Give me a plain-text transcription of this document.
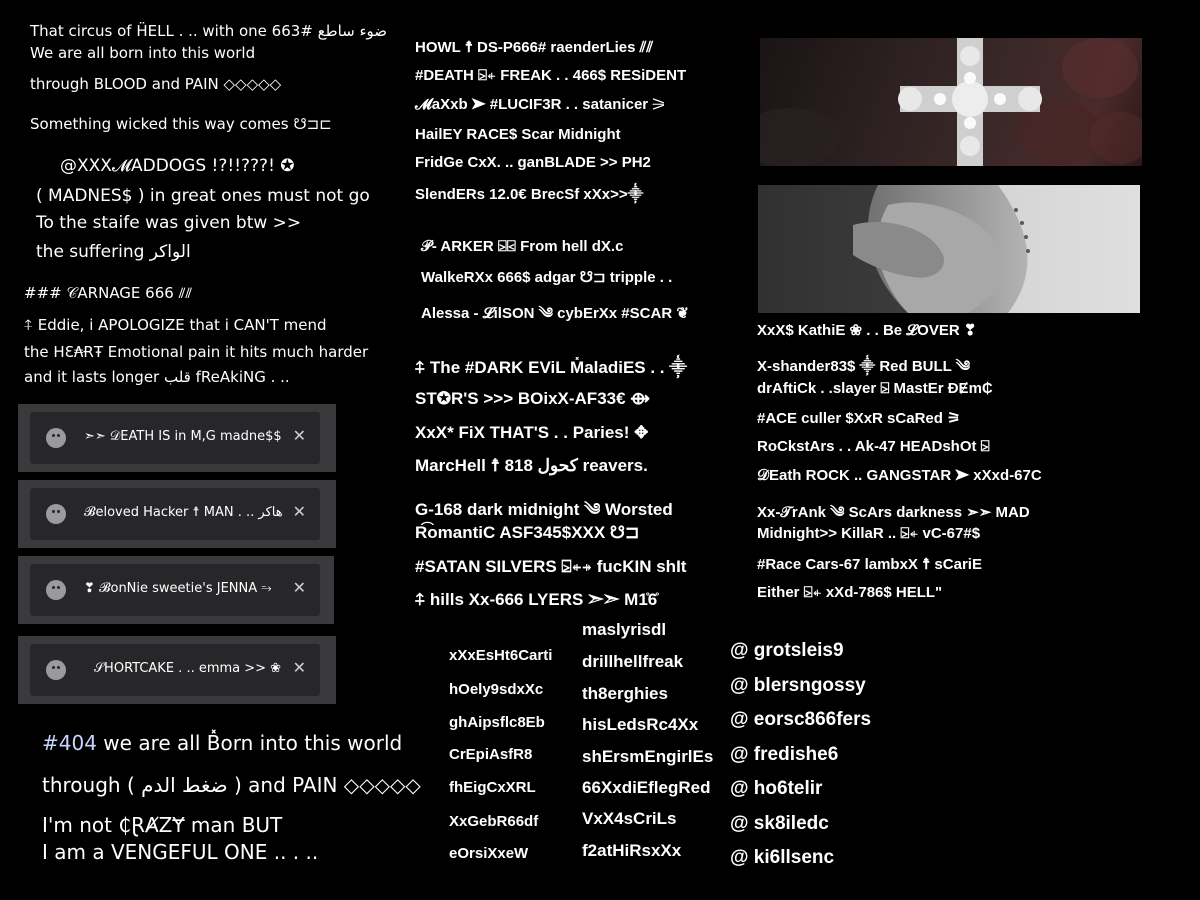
That circus of ḦELL . .. with one 663# ضوء ساطع
We are all born into this world
through BLOOD and PAIN ◇◇◇◇◇
Something wicked this way comes ☋⊐⊏
@XXX𝓜ADDOGS !?!!???! ✪
( MADNES$ ) in great ones must not go
To the staife was given btw >>
the suffering الواكر
### 𝒞ARNAGE 666 ⫽⫽
⍏ Eddie, i APOLOGIZE that i CAN'T mend
the HƐ₳ɌŦ Emotional pain it hits much harder
and it lasts longer قلب fReAkiNG . ..
➣➣ 𝒟EATH IS in M,G madne$$ ✕
𝓑eloved Hacker ☨ MAN . .. هاكر ✕
❣ 𝓑onNie sweetie's JENNA ⥲ ✕
𝒮HORTCAKE . .. emma >> ❀ ✕
#404 we are all B̽orn into this world
through ( ضغط الدم ) and PAIN ◇◇◇◇◇
I'm not ₵ⱤȺZɎ man BUT
I am a VENGEFUL ONE .. . ..
HOWL ☨ DS-P666# raenderLies ⫽⫽
#DEATH ⍄⍅ FREAK . . 466$ RESiDENT
𝓜aXxb ➤ #LUCIF3R . . satanicer ⚞
HailEY RACE$ Scar Midnight
FridGe CxX. .. ganBLADE >> PH2
SlendERs 12.0€ BrecSf xXx>>⸎
𝒫- ARKER ⍄⍃ From hell dX.c
WalkeRXx 666$ adgar ☋⊐ tripple . .
Alessa - 𝓛ilSON ༄ cybErXx #SCAR ❦
⍏ The #DARK EViL M̽aladiES . . ⸎
ST✪R'S >>> BOixX-AF33€ ⟴
XxX* FiX THAT'S . . Paries! ✥
MarcHell ☨ 818 كحول reavers.
G-168 dark midnight ༄ Worsted
R͡omantiC ASF345$XXX ☋⊐
#SATAN SILVERS ⍄⍅⍆ fucKIN shIt
⍏ hills Xx-666 LYERS ➣➣ M1̊6̊
XxX$ KathiE ❀ . . Be 𝓛OVER ❣
X-shander83$ ⸎ Red BULL ༄
drAftiCk . .slayer ⍄ MastEr ĐɆm₵
#ACE culler $XxR sCaRed ⚞
RoCkstArs . . Ak-47 HEADshOt ⍄
𝒟Eath ROCK .. GANGSTAR ➤ xXxd-67C
Xx-𝒯rAnk ༄ ScArs darkness ➣➣ MAD
Midnight>> KillaR .. ⍄⍅ vC-67#$
#Race Cars-67 lambxX ☨ sCariE
Either ⍄⍅ xXd-786$ HELL"
xXxEsHt6Carti
hOely9sdxXc
ghAipsflc8Eb
CrEpiAsfR8
fhEigCxXRL
XxGebR66df
eOrsiXxeW
maslyrisdl
drillhellfreak
th8erghies
hisLedsRc4Xx
shErsmEngirlEs
66XxdiEflegRed
VxX4sCriLs
f2atHiRsxXx
@ grotsleis9
@ blersngossy
@ eorsc866fers
@ fredishe6
@ ho6telir
@ sk8iledc
@ ki6llsenc
